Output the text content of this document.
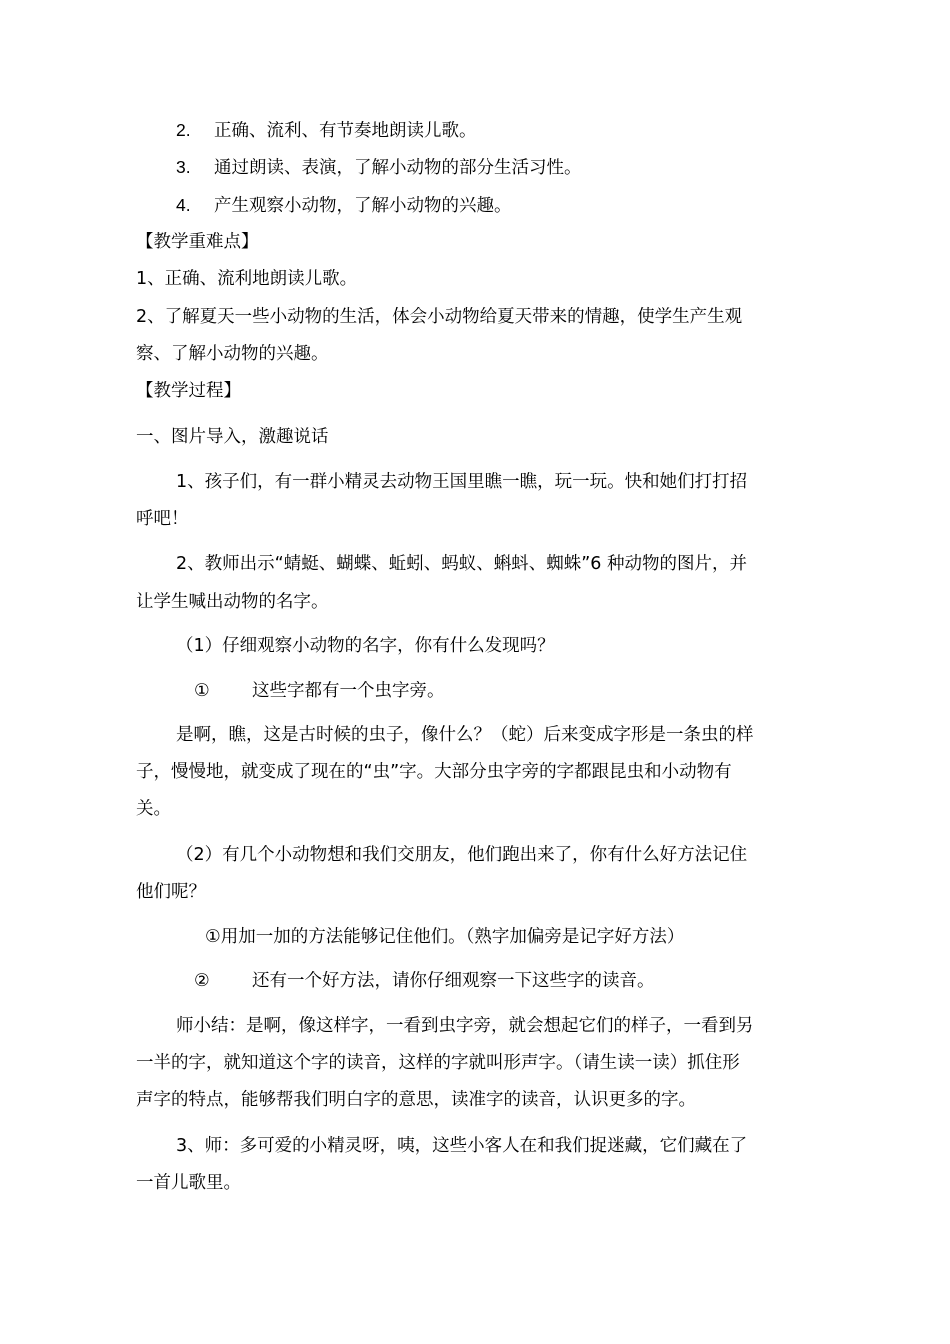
2. 正确、流利、有节奏地朗读儿歌。
3. 通过朗读、表演，了解小动物的部分生活习性。
4. 产生观察小动物，了解小动物的兴趣。
【教学重难点】
1、正确、流利地朗读儿歌。
2、了解夏天一些小动物的生活，体会小动物给夏天带来的情趣，使学生产生观
察、了解小动物的兴趣。
【教学过程】
一、图片导入，激趣说话
1、孩子们，有一群小精灵去动物王国里瞧一瞧，玩一玩。快和她们打打招
呼吧！
2、教师出示“蜻蜓、蝴蝶、蚯蚓、蚂蚁、蝌蚪、蜘蛛”6 种动物的图片，并
让学生喊出动物的名字。
（1）仔细观察小动物的名字，你有什么发现吗？
① 这些字都有一个虫字旁。
是啊，瞧，这是古时候的虫子，像什么？（蛇）后来变成字形是一条虫的样
子，慢慢地，就变成了现在的“虫”字。大部分虫字旁的字都跟昆虫和小动物有
关。
（2）有几个小动物想和我们交朋友，他们跑出来了，你有什么好方法记住
他们呢？
①用加一加的方法能够记住他们。（熟字加偏旁是记字好方法）
② 还有一个好方法，请你仔细观察一下这些字的读音。
师小结：是啊，像这样字，一看到虫字旁，就会想起它们的样子，一看到另
一半的字，就知道这个字的读音，这样的字就叫形声字。（请生读一读）抓住形
声字的特点，能够帮我们明白字的意思，读准字的读音，认识更多的字。
3、师：多可爱的小精灵呀，咦，这些小客人在和我们捉迷藏，它们藏在了
一首儿歌里。
